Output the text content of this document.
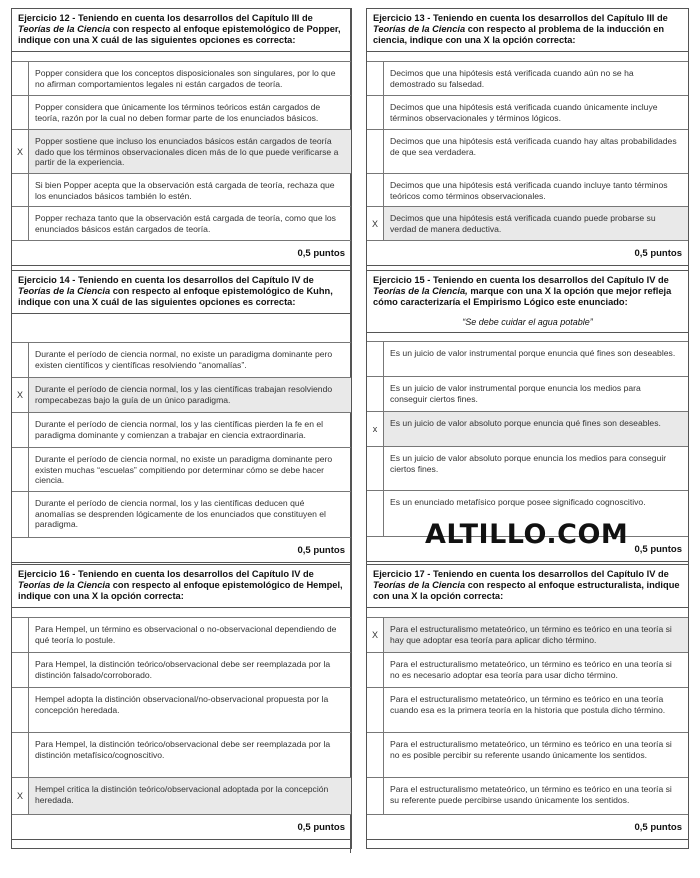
Ejercicio 12 - Teniendo en cuenta los desarrollos del Capítulo III de Teorías de la Ciencia con respecto al enfoque epistemológico de Popper, indique con una X cuál de las siguientes opciones es correcta:
Popper considera que los conceptos disposicionales son singulares, por lo que no afirman comportamientos legales ni están cargados de teoría.
Popper considera que únicamente los términos teóricos están cargados de teoría, razón por la cual no deben formar parte de los enunciados básicos.
X
Popper sostiene que incluso los enunciados básicos están cargados de teoría dado que los términos observacionales dicen más de lo que puede verificarse a partir de la experiencia.
Si bien Popper acepta que la observación está cargada de teoría, rechaza que los enunciados básicos también lo estén.
Popper rechaza tanto que la observación está cargada de teoría, como que los enunciados básicos están cargados de teoría.
0,5 puntos
Ejercicio 14 - Teniendo en cuenta los desarrollos del Capítulo IV de Teorías de la Ciencia con respecto al enfoque epistemológico de Kuhn, indique con una X cuál de las siguientes opciones es correcta:
Durante el período de ciencia normal, no existe un paradigma dominante pero existen científicos y científicas resolviendo “anomalías”.
X
Durante el período de ciencia normal, los y las científicas trabajan resolviendo rompecabezas bajo la guía de un único paradigma.
Durante el período de ciencia normal, los y las científicas pierden la fe en el paradigma dominante y comienzan a trabajar en ciencia extraordinaria.
Durante el período de ciencia normal, no existe un paradigma dominante pero existen muchas “escuelas” compitiendo por determinar cómo se debe hacer ciencia.
Durante el período de ciencia normal, los y las científicas deducen qué anomalías se desprenden lógicamente de los enunciados que constituyen el paradigma.
0,5 puntos
Ejercicio 16 - Teniendo en cuenta los desarrollos del Capítulo IV de Teorías de la Ciencia con respecto al enfoque epistemológico de Hempel, indique con una X la opción correcta:
Para Hempel, un término es observacional o no-observacional dependiendo de qué teoría lo postule.
Para Hempel, la distinción teórico/observacional debe ser reemplazada por la distinción falsado/corroborado.
Hempel adopta la distinción observacional/no-observacional propuesta por la concepción heredada.
Para Hempel, la distinción teórico/observacional debe ser reemplazada por la distinción metafísico/cognoscitivo.
X
Hempel critica la distinción teórico/observacional adoptada por la concepción heredada.
0,5 puntos
Ejercicio 13 - Teniendo en cuenta los desarrollos del Capítulo III de Teorías de la Ciencia con respecto al problema de la inducción en ciencia, indique con una X la opción correcta:
Decimos que una hipótesis está verificada cuando aún no se ha demostrado su falsedad.
Decimos que una hipótesis está verificada cuando únicamente incluye términos observacionales y términos lógicos.
Decimos que una hipótesis está verificada cuando hay altas probabilidades de que sea verdadera.
Decimos que una hipótesis está verificada cuando incluye tanto términos teóricos como términos observacionales.
X
Decimos que una hipótesis está verificada cuando puede probarse su verdad de manera deductiva.
0,5 puntos
Ejercicio 15 - Teniendo en cuenta los desarrollos del Capítulo IV de Teorías de la Ciencia, marque con una X la opción que mejor refleja cómo caracterizaría el Empirismo Lógico este enunciado:
“Se debe cuidar el agua potable”
Es un juicio de valor instrumental porque enuncia qué fines son deseables.
Es un juicio de valor instrumental porque enuncia los medios para conseguir ciertos fines.
x
Es un juicio de valor absoluto porque enuncia qué fines son deseables.
Es un juicio de valor absoluto porque enuncia los medios para conseguir ciertos fines.
Es un enunciado metafísico porque posee significado cognoscitivo.
0,5 puntos
Ejercicio 17 - Teniendo en cuenta los desarrollos del Capítulo IV de Teorías de la Ciencia con respecto al enfoque estructuralista, indique con una X la opción correcta:
X
Para el estructuralismo metateórico, un término es teórico en una teoría si hay que adoptar esa teoría para aplicar dicho término.
Para el estructuralismo metateórico, un término es teórico en una teoría si no es necesario adoptar esa teoría para usar dicho término.
Para el estructuralismo metateórico, un término es teórico en una teoría cuando esa es la primera teoría en la historia que postula dicho término.
Para el estructuralismo metateórico, un término es teórico en una teoría si no es posible percibir su referente usando únicamente los sentidos.
Para el estructuralismo metateórico, un término es teórico en una teoría si su referente puede percibirse usando únicamente los sentidos.
0,5 puntos
ALTILLO.COM
